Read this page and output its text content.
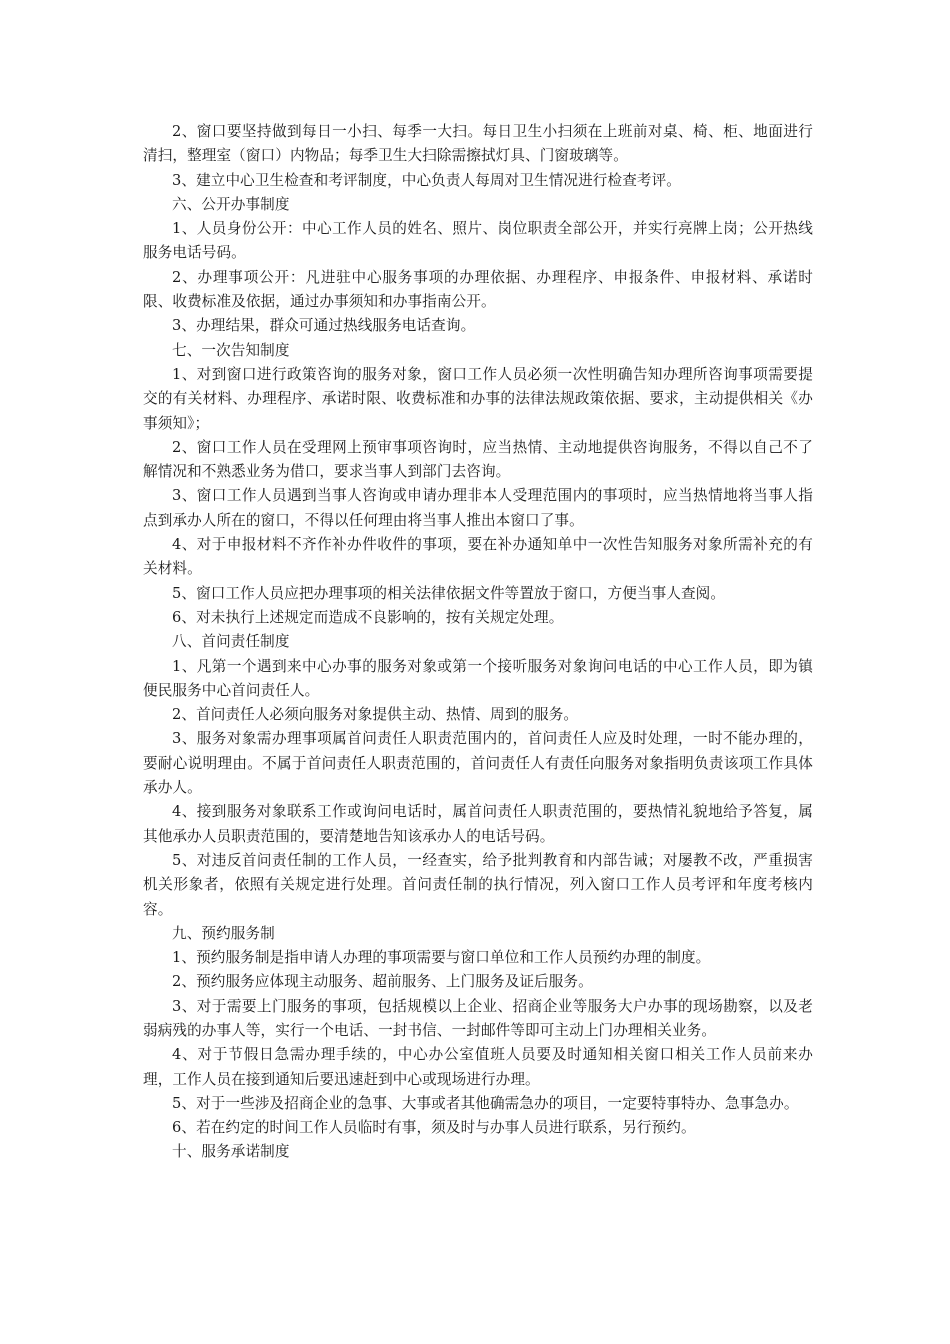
2、窗口要坚持做到每日一小扫、每季一大扫。每日卫生小扫须在上班前对桌、椅、柜、地面进行清扫，整理室（窗口）内物品；每季卫生大扫除需擦拭灯具、门窗玻璃等。

3、建立中心卫生检查和考评制度，中心负责人每周对卫生情况进行检查考评。

六、公开办事制度

1、人员身份公开：中心工作人员的姓名、照片、岗位职责全部公开，并实行亮牌上岗；公开热线服务电话号码。

2、办理事项公开：凡进驻中心服务事项的办理依据、办理程序、申报条件、申报材料、承诺时限、收费标准及依据，通过办事须知和办事指南公开。

3、办理结果，群众可通过热线服务电话查询。

七、一次告知制度

1、对到窗口进行政策咨询的服务对象，窗口工作人员必须一次性明确告知办理所咨询事项需要提交的有关材料、办理程序、承诺时限、收费标准和办事的法律法规政策依据、要求，主动提供相关《办事须知》；

2、窗口工作人员在受理网上预审事项咨询时，应当热情、主动地提供咨询服务，不得以自己不了解情况和不熟悉业务为借口，要求当事人到部门去咨询。

3、窗口工作人员遇到当事人咨询或申请办理非本人受理范围内的事项时，应当热情地将当事人指点到承办人所在的窗口，不得以任何理由将当事人推出本窗口了事。

4、对于申报材料不齐作补办件收件的事项，要在补办通知单中一次性告知服务对象所需补充的有关材料。

5、窗口工作人员应把办理事项的相关法律依据文件等置放于窗口，方便当事人查阅。

6、对未执行上述规定而造成不良影响的，按有关规定处理。

八、首问责任制度

1、凡第一个遇到来中心办事的服务对象或第一个接听服务对象询问电话的中心工作人员，即为镇便民服务中心首问责任人。

2、首问责任人必须向服务对象提供主动、热情、周到的服务。

3、服务对象需办理事项属首问责任人职责范围内的，首问责任人应及时处理，一时不能办理的，要耐心说明理由。不属于首问责任人职责范围的，首问责任人有责任向服务对象指明负责该项工作具体承办人。

4、接到服务对象联系工作或询问电话时，属首问责任人职责范围的，要热情礼貌地给予答复，属其他承办人员职责范围的，要清楚地告知该承办人的电话号码。

5、对违反首问责任制的工作人员，一经查实，给予批判教育和内部告诫；对屡教不改，严重损害机关形象者，依照有关规定进行处理。首问责任制的执行情况，列入窗口工作人员考评和年度考核内容。

九、预约服务制

1、预约服务制是指申请人办理的事项需要与窗口单位和工作人员预约办理的制度。

2、预约服务应体现主动服务、超前服务、上门服务及证后服务。

3、对于需要上门服务的事项，包括规模以上企业、招商企业等服务大户办事的现场勘察，以及老弱病残的办事人等，实行一个电话、一封书信、一封邮件等即可主动上门办理相关业务。

4、对于节假日急需办理手续的，中心办公室值班人员要及时通知相关窗口相关工作人员前来办理，工作人员在接到通知后要迅速赶到中心或现场进行办理。

5、对于一些涉及招商企业的急事、大事或者其他确需急办的项目，一定要特事特办、急事急办。

6、若在约定的时间工作人员临时有事，须及时与办事人员进行联系，另行预约。

十、服务承诺制度
